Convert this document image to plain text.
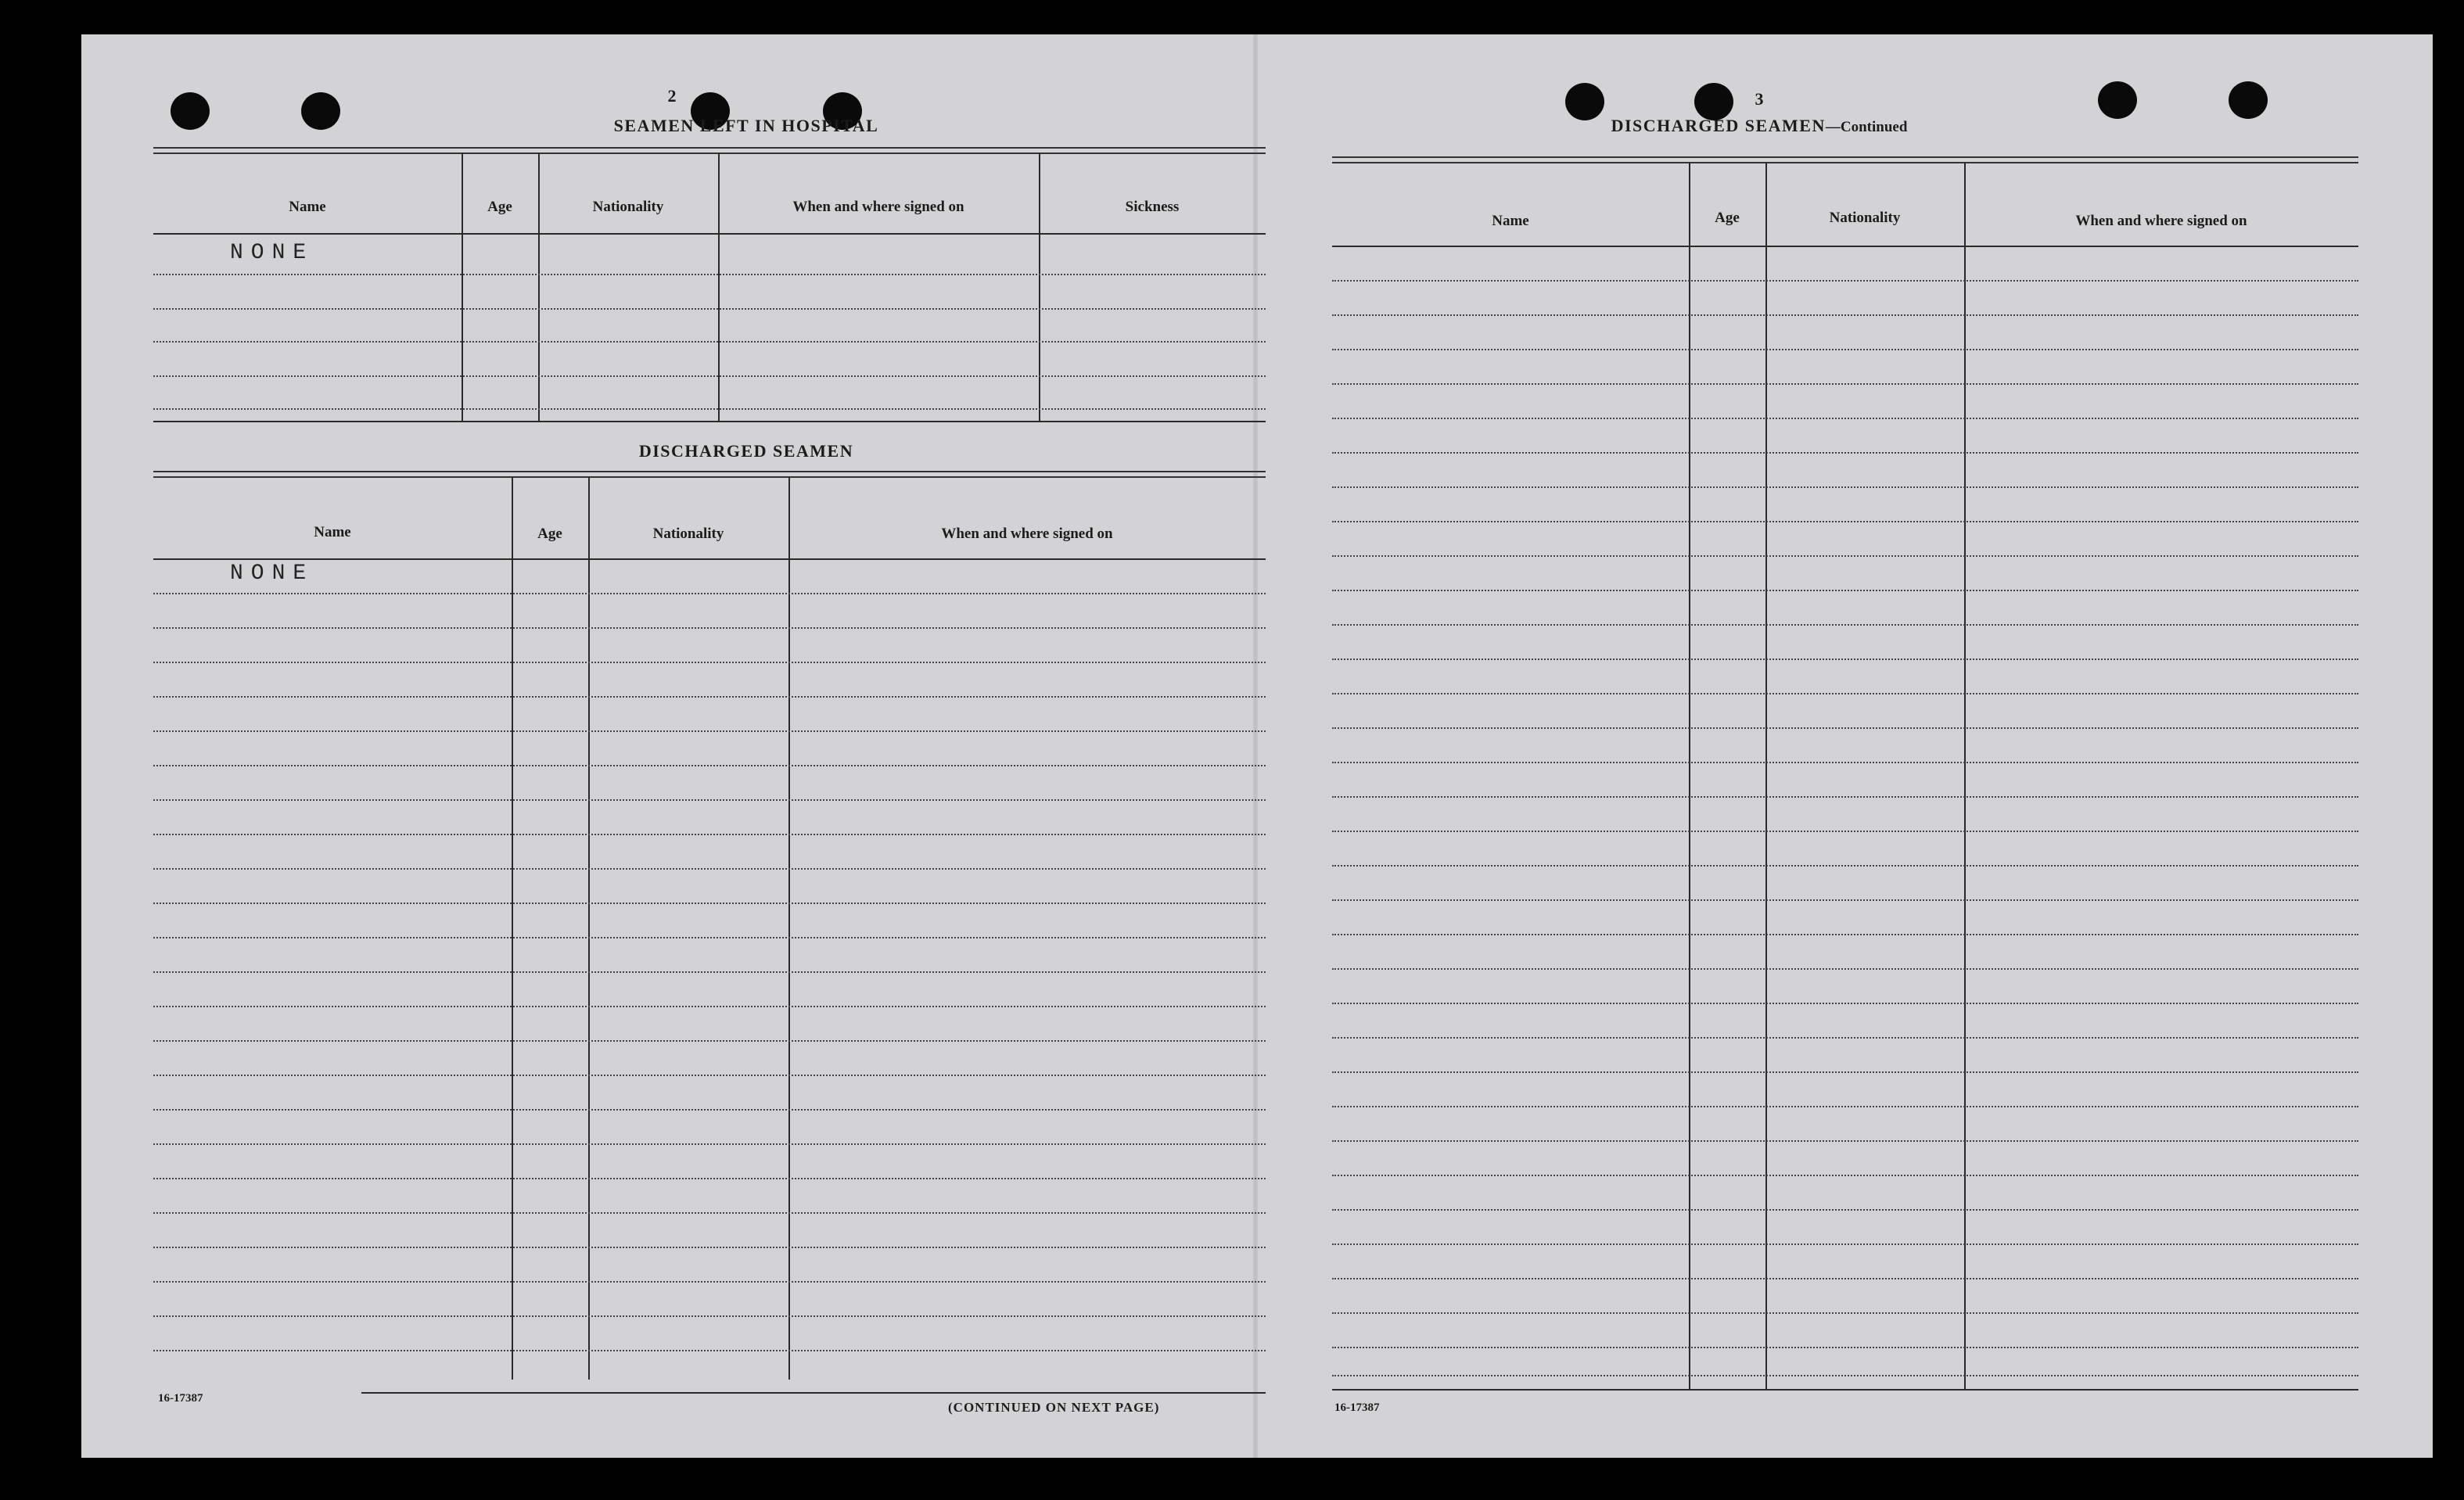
2
SEAMEN LEFT IN HOSPITAL
Name	Age	Nationality	When and where signed on	Sickness
NONE
DISCHARGED SEAMEN
Name	Age	Nationality	When and where signed on
NONE
16-17387
(CONTINUED ON NEXT PAGE)
3
DISCHARGED SEAMEN—Continued
Name	Age	Nationality	When and where signed on
16-17387
